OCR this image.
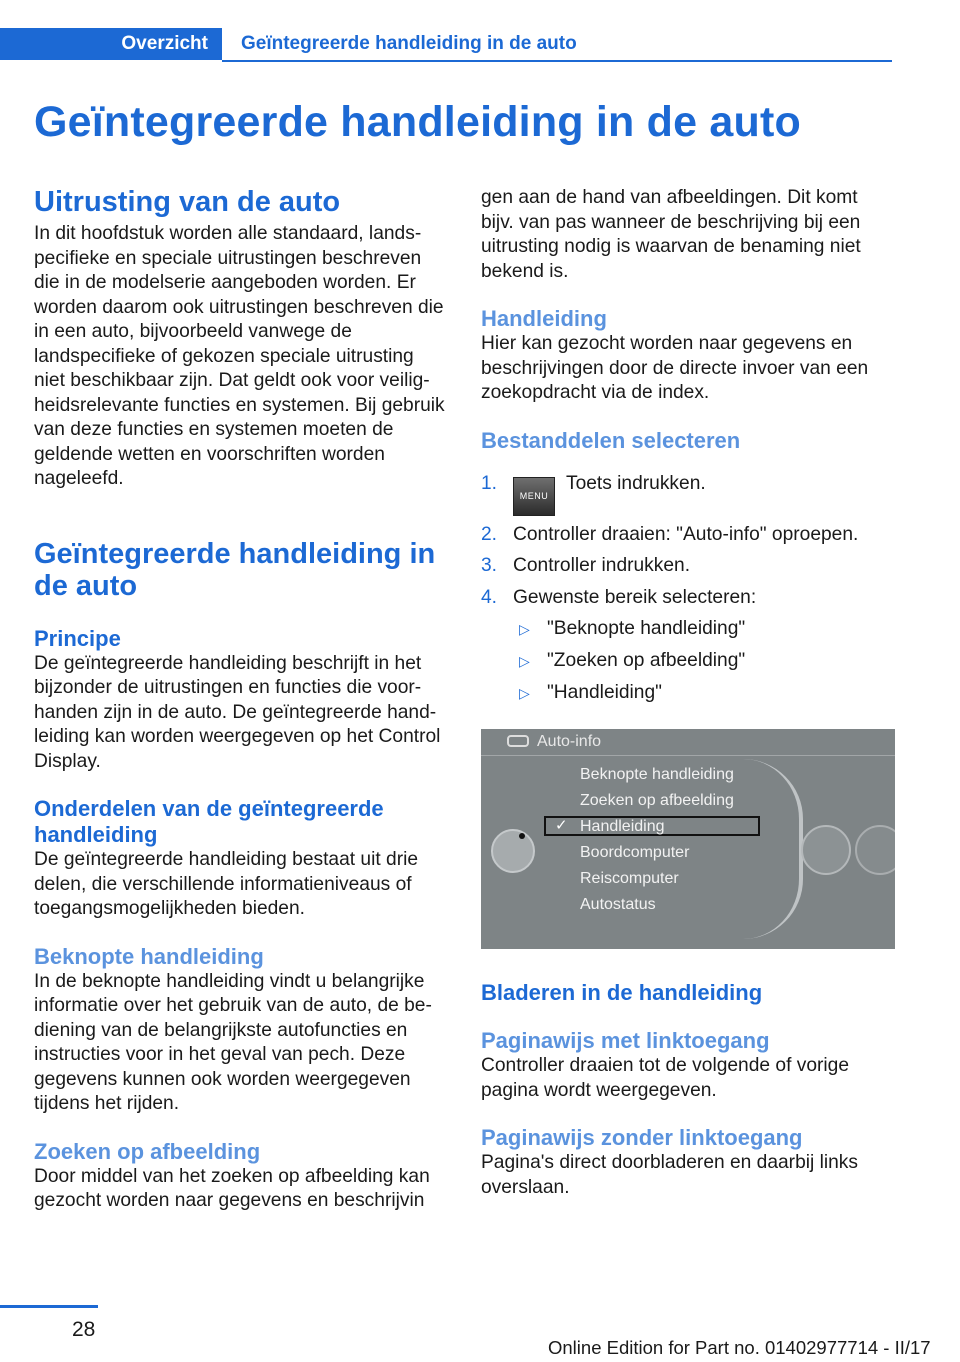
Overzicht	Geïntegreerde handleiding in de auto
Geïntegreerde handleiding in de auto
Uitrusting van de auto

In dit hoofdstuk worden alle standaard, landspecifieke en speciale uitrustingen beschreven die in de modelserie aangeboden worden. Er worden daarom ook uitrustingen beschreven die in een auto, bijvoorbeeld vanwege de landspecifieke of gekozen speciale uitrusting niet beschikbaar zijn. Dat geldt ook voor veiligheidsrelevante functies en systemen. Bij gebruik van deze functies en systemen moeten de geldende wetten en voorschriften worden nageleefd.

Geïntegreerde handleiding in de auto
Principe

De geïntegreerde handleiding beschrijft in het bijzonder de uitrustingen en functies die voorhanden zijn in de auto. De geïntegreerde handleiding kan worden weergegeven op het Control Display.

Onderdelen van de geïntegreerde handleiding

De geïntegreerde handleiding bestaat uit drie delen, die verschillende informatieniveaus of toegangsmogelijkheden bieden.

Beknopte handleiding

In de beknopte handleiding vindt u belangrijke informatie over het gebruik van de auto, de bediening van de belangrijkste autofuncties en instructies voor in het geval van pech. Deze gegevens kunnen ook worden weergegeven tijdens het rijden.

Zoeken op afbeelding

Door middel van het zoeken op afbeelding kan gezocht worden naar gegevens en beschrijvin

gen aan de hand van afbeeldingen. Dit komt bijv. van pas wanneer de beschrijving bij een uitrusting nodig is waarvan de benaming niet bekend is.

Handleiding

Hier kan gezocht worden naar gegevens en beschrijvingen door de directe invoer van een zoekopdracht via de index.

Bestanddelen selecteren
1.
MENU Toets indrukken.
2. Controller draaien: "Auto-info" oproepen.
3. Controller indrukken.
4. Gewenste bereik selecteren:
▷ "Beknopte handleiding"
▷ "Zoeken op afbeelding"
▷ "Handleiding"
Auto-info
Beknopte handleiding
Zoeken op afbeelding
✓ Handleiding
Boordcomputer
Reiscomputer
Autostatus
Bladeren in de handleiding
Paginawijs met linktoegang

Controller draaien tot de volgende of vorige pagina wordt weergegeven.

Paginawijs zonder linktoegang

Pagina's direct doorbladeren en daarbij links overslaan.

28
Online Edition for Part no. 01402977714 - II/17
